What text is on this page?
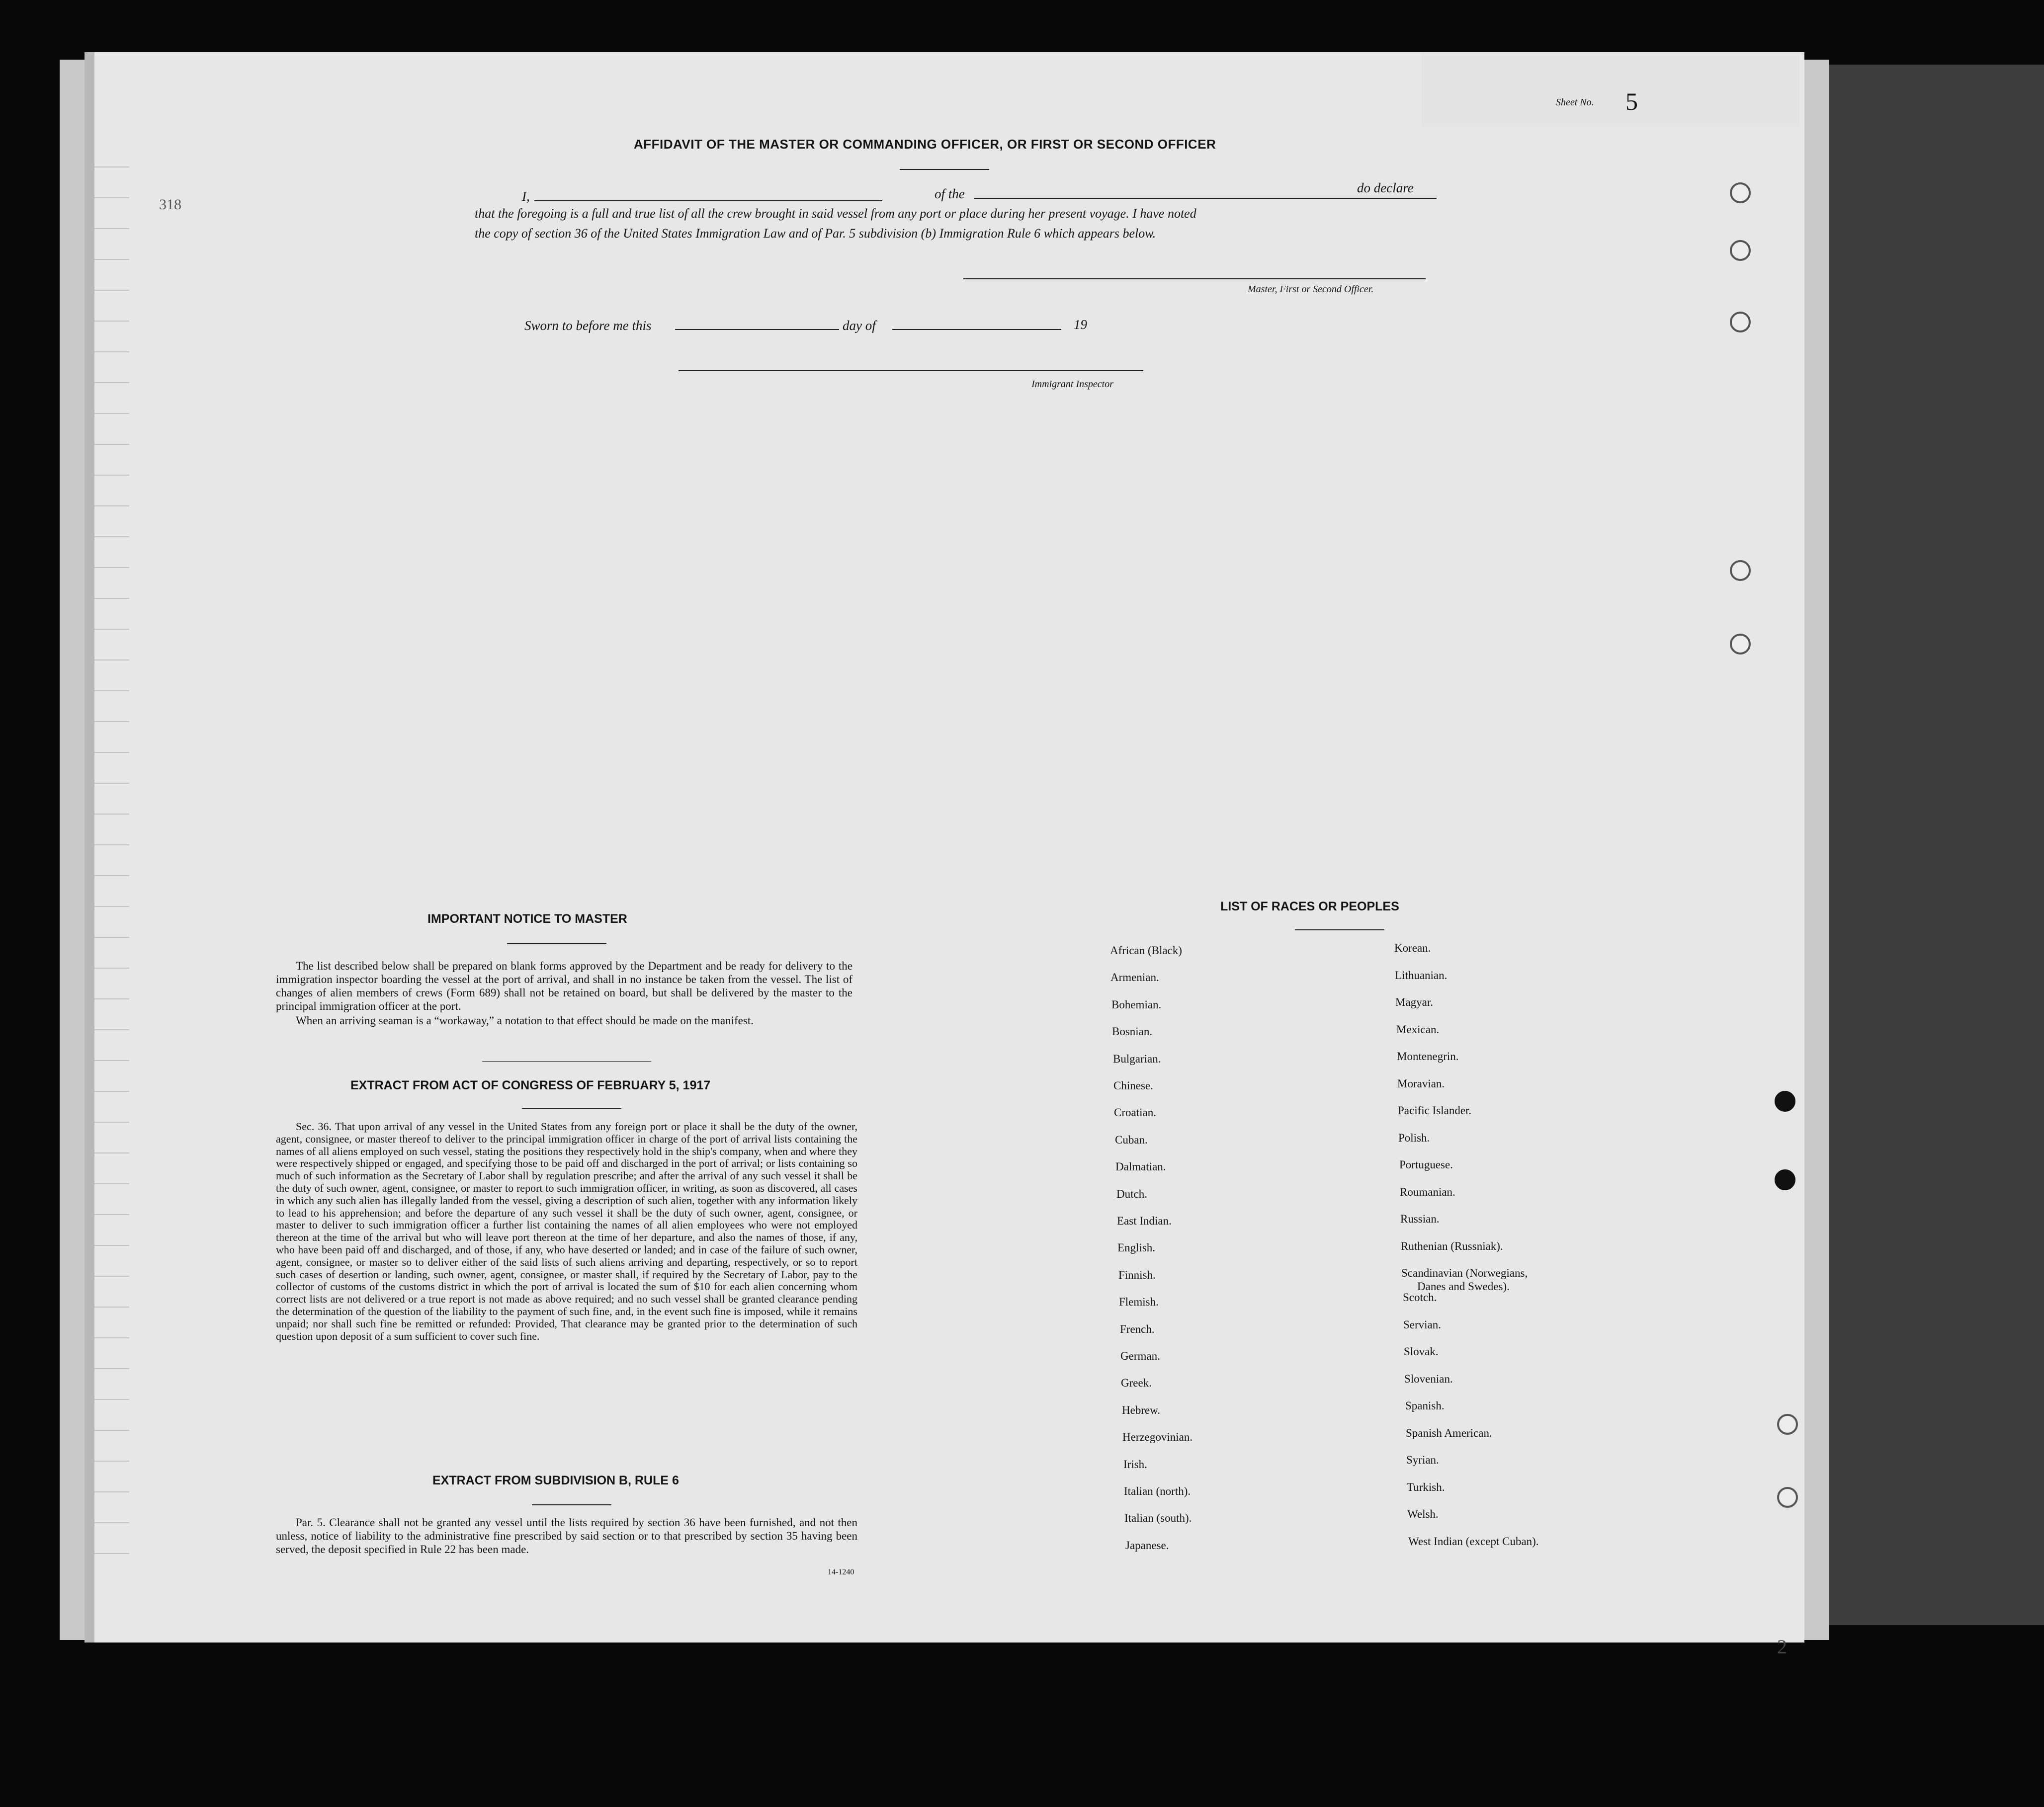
Sheet No. 5
318
AFFIDAVIT OF THE MASTER OR COMMANDING OFFICER, OR FIRST OR SECOND OFFICER
I,	of the	do declare
that the foregoing is a full and true list of all the crew brought in said vessel from any port or place during her present voyage. I have noted
the copy of section 36 of the United States Immigration Law and of Par. 5 subdivision (b) Immigration Rule 6 which appears below.
Master, First or Second Officer.
Sworn to before me this	day of	19
Immigrant Inspector
IMPORTANT NOTICE TO MASTER
The list described below shall be prepared on blank forms approved by the Department and be ready for delivery to the immigration inspector boarding the vessel at the port of arrival, and shall in no instance be taken from the vessel. The list of changes of alien members of crews (Form 689) shall not be retained on board, but shall be delivered by the master to the principal immigration officer at the port.
When an arriving seaman is a “workaway,” a notation to that effect should be made on the manifest.
EXTRACT FROM ACT OF CONGRESS OF FEBRUARY 5, 1917
Sec. 36. That upon arrival of any vessel in the United States from any foreign port or place it shall be the duty of the owner, agent, consignee, or master thereof to deliver to the principal immigration officer in charge of the port of arrival lists containing the names of all aliens employed on such vessel, stating the positions they respectively hold in the ship's company, when and where they were respectively shipped or engaged, and specifying those to be paid off and discharged in the port of arrival; or lists containing so much of such information as the Secretary of Labor shall by regulation prescribe; and after the arrival of any such vessel it shall be the duty of such owner, agent, consignee, or master to report to such immigration officer, in writing, as soon as discovered, all cases in which any such alien has illegally landed from the vessel, giving a description of such alien, together with any information likely to lead to his apprehension; and before the departure of any such vessel it shall be the duty of such owner, agent, consignee, or master to deliver to such immigration officer a further list containing the names of all alien employees who were not employed thereon at the time of the arrival but who will leave port thereon at the time of her departure, and also the names of those, if any, who have been paid off and discharged, and of those, if any, who have deserted or landed; and in case of the failure of such owner, agent, consignee, or master so to deliver either of the said lists of such aliens arriving and departing, respectively, or so to report such cases of desertion or landing, such owner, agent, consignee, or master shall, if required by the Secretary of Labor, pay to the collector of customs of the customs district in which the port of arrival is located the sum of $10 for each alien concerning whom correct lists are not delivered or a true report is not made as above required; and no such vessel shall be granted clearance pending the determination of the question of the liability to the payment of such fine, and, in the event such fine is imposed, while it remains unpaid; nor shall such fine be remitted or refunded: Provided, That clearance may be granted prior to the determination of such question upon deposit of a sum sufficient to cover such fine.
EXTRACT FROM SUBDIVISION B, RULE 6
Par. 5. Clearance shall not be granted any vessel until the lists required by section 36 have been furnished, and not then unless, notice of liability to the administrative fine prescribed by said section or to that prescribed by section 35 having been served, the deposit specified in Rule 22 has been made.
14-1240
LIST OF RACES OR PEOPLES
African (Black)
Armenian.
Bohemian.
Bosnian.
Bulgarian.
Chinese.
Croatian.
Cuban.
Dalmatian.
Dutch.
East Indian.
English.
Finnish.
Flemish.
French.
German.
Greek.
Hebrew.
Herzegovinian.
Irish.
Italian (north).
Italian (south).
Japanese.
Korean.
Lithuanian.
Magyar.
Mexican.
Montenegrin.
Moravian.
Pacific Islander.
Polish.
Portuguese.
Roumanian.
Russian.
Ruthenian (Russniak).
Scandinavian (Norwegians,
Danes and Swedes).
Scotch.
Servian.
Slovak.
Slovenian.
Spanish.
Spanish American.
Syrian.
Turkish.
Welsh.
West Indian (except Cuban).
2
